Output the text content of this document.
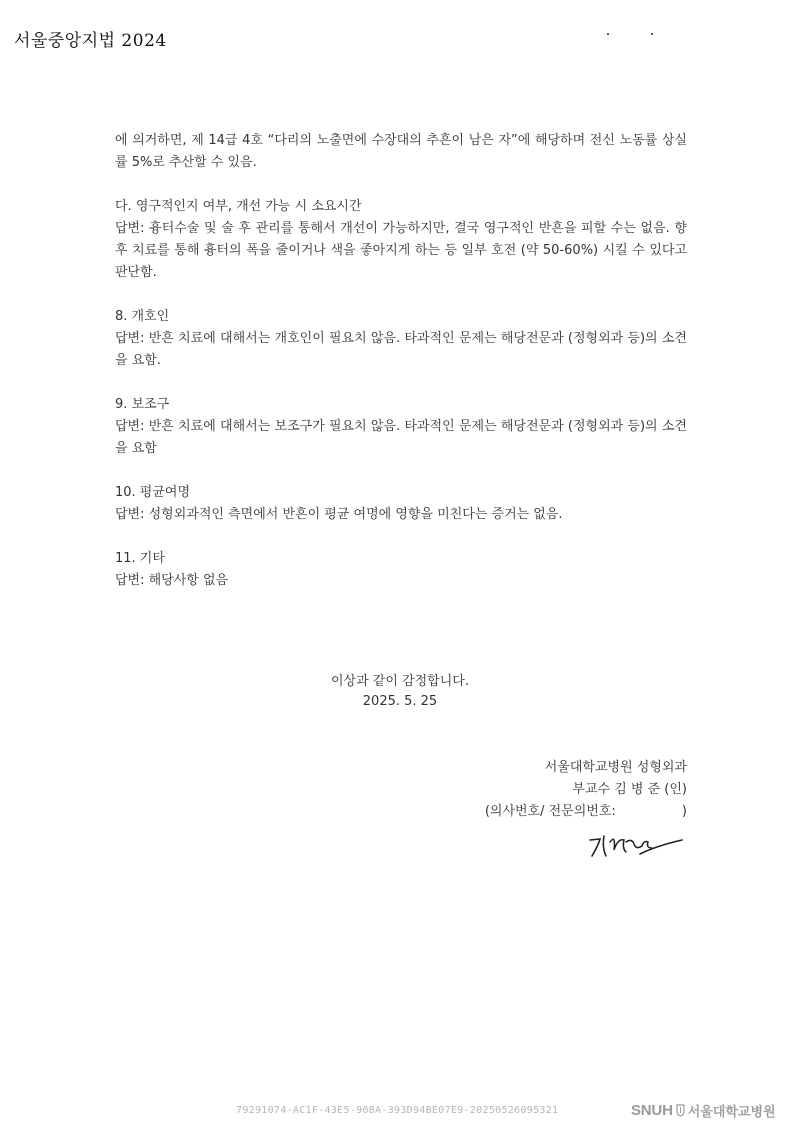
서울중앙지법 2024

에 의거하면, 제 14급 4호 “다리의 노출면에 수장대의 추흔이 남은 자”에 해당하며 전신 노동률 상실률 5%로 추산할 수 있음.

다. 영구적인지 여부, 개선 가능 시 소요시간

답변: 흉터수술 및 술 후 관리를 통해서 개선이 가능하지만, 결국 영구적인 반흔을 피할 수는 없음. 향후 치료를 통해 흉터의 폭을 줄이거나 색을 좋아지게 하는 등 일부 호전 (약 50-60%) 시킬 수 있다고 판단함.

8. 개호인

답변: 반흔 치료에 대해서는 개호인이 필요치 않음. 타과적인 문제는 해당전문과 (정형외과 등)의 소견을 요함.

9. 보조구

답변: 반흔 치료에 대해서는 보조구가 필요치 않음. 타과적인 문제는 해당전문과 (정형외과 등)의 소견을 요함

10. 평균여명

답변: 성형외과적인 측면에서 반흔이 평균 여명에 영향을 미친다는 증거는 없음.

11. 기타

답변: 해당사항 없음

이상과 같이 감정합니다.
2025. 5. 25
서울대학교병원 성형외과
부교수 김 병 준 (인)
(의사번호/ 전문의번호:                )
79291074-AC1F-43E5-908A-393D94BE07E9-20250526095321	SNUH 서울대학교병원
